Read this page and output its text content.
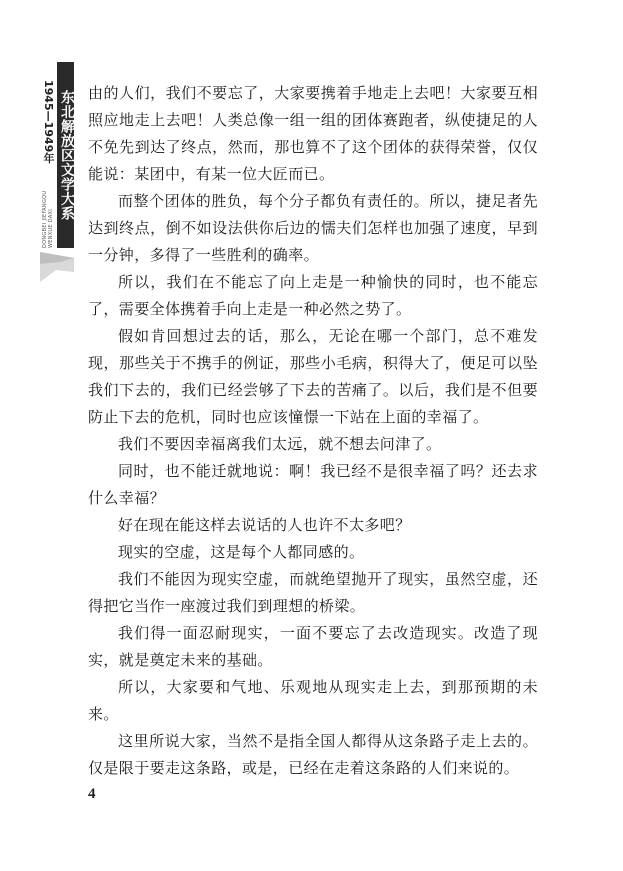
东北解放区文学大系
1945—1949年
DONGBEI JIEFANGQU WENXUE DAXI

由的人们，我们不要忘了，大家要携着手地走上去吧！大家要互相照应地走上去吧！人类总像一组一组的团体赛跑者，纵使捷足的人不免先到达了终点，然而，那也算不了这个团体的获得荣誉，仅仅能说：某团中，有某一位大匠而已。

而整个团体的胜负，每个分子都负有责任的。所以，捷足者先达到终点，倒不如设法供你后边的懦夫们怎样也加强了速度，早到一分钟，多得了一些胜利的确率。

所以，我们在不能忘了向上走是一种愉快的同时，也不能忘了，需要全体携着手向上走是一种必然之势了。

假如肯回想过去的话，那么，无论在哪一个部门，总不难发现，那些关于不携手的例证，那些小毛病，积得大了，便足可以坠我们下去的，我们已经尝够了下去的苦痛了。以后，我们是不但要防止下去的危机，同时也应该憧憬一下站在上面的幸福了。

我们不要因幸福离我们太远，就不想去问津了。

同时，也不能迁就地说：啊！我已经不是很幸福了吗？还去求什么幸福？

好在现在能这样去说话的人也许不太多吧？

现实的空虚，这是每个人都同感的。

我们不能因为现实空虚，而就绝望抛开了现实，虽然空虚，还得把它当作一座渡过我们到理想的桥梁。

我们得一面忍耐现实，一面不要忘了去改造现实。改造了现实，就是奠定未来的基础。

所以，大家要和气地、乐观地从现实走上去，到那预期的未来。

这里所说大家，当然不是指全国人都得从这条路子走上去的。仅是限于要走这条路，或是，已经在走着这条路的人们来说的。

4
